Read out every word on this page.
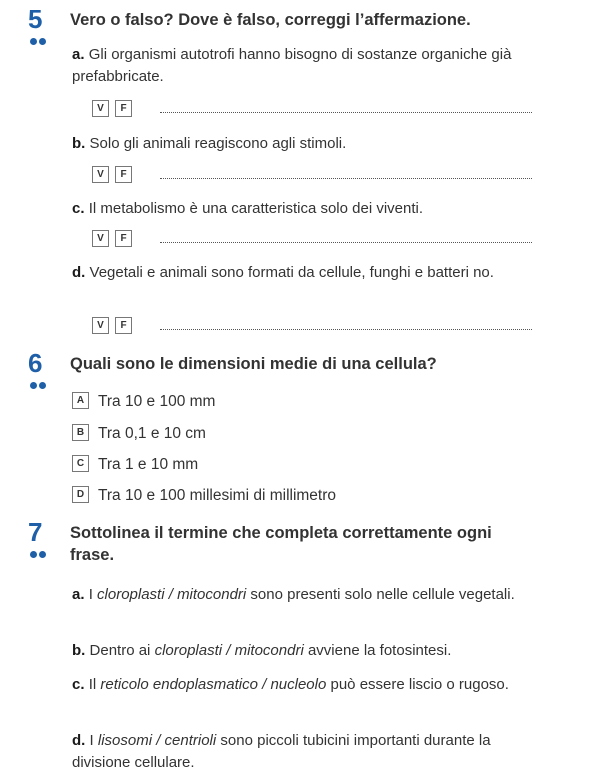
5 Vero o falso? Dove è falso, correggi l’affermazione.
a. Gli organismi autotrofi hanno bisogno di sostanze organiche già prefabbricate.
V F
b. Solo gli animali reagiscono agli stimoli.
V F
c. Il metabolismo è una caratteristica solo dei viventi.
V F
d. Vegetali e animali sono formati da cellule, funghi e batteri no.
V F
6 Quali sono le dimensioni medie di una cellula?
A Tra 10 e 100 mm
B Tra 0,1 e 10 cm
C Tra 1 e 10 mm
D Tra 10 e 100 millesimi di millimetro
7 Sottolinea il termine che completa correttamente ogni frase.
a. I cloroplasti / mitocondri sono presenti solo nelle cellule vegetali.
b. Dentro ai cloroplasti / mitocondri avviene la fotosintesi.
c. Il reticolo endoplasmatico / nucleolo può essere liscio o rugoso.
d. I lisosomi / centrioli sono piccoli tubicini importanti durante la divisione cellulare.
